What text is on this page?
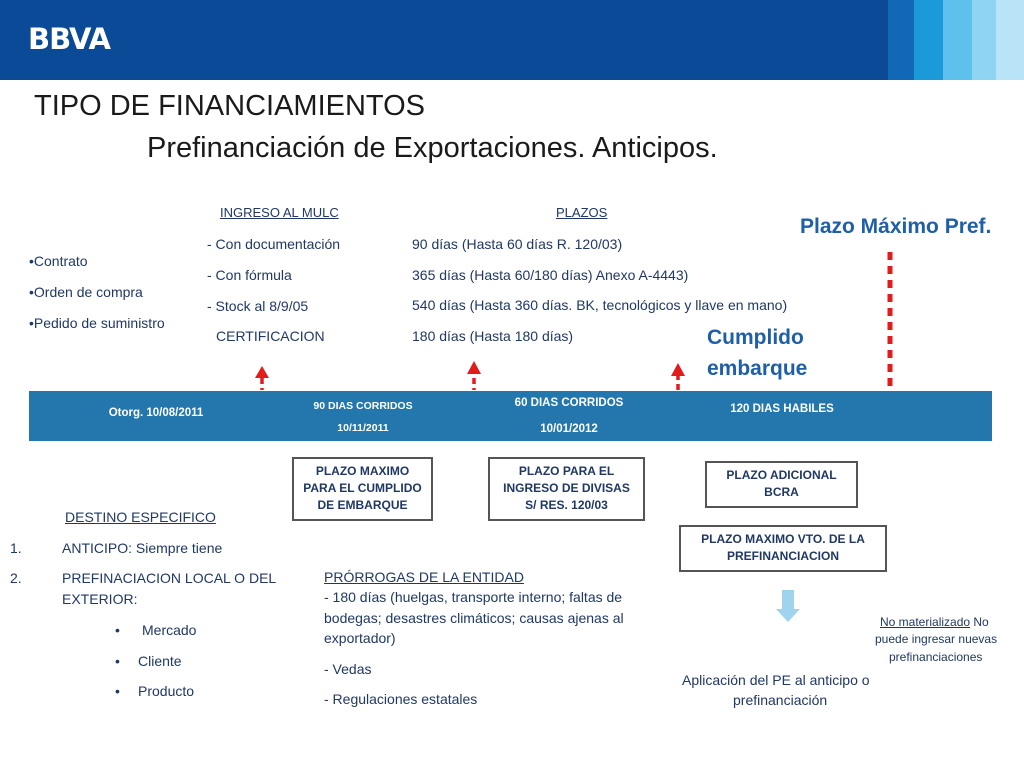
BBVA
TIPO DE FINANCIAMIENTOS
Prefinanciación de Exportaciones. Anticipos.
•Contrato
•Orden de compra
•Pedido de suministro
INGRESO AL MULC
- Con documentación
- Con fórmula
- Stock al 8/9/05
CERTIFICACION
PLAZOS
90 días (Hasta 60 días R. 120/03)
365 días (Hasta 60/180 días) Anexo A-4443)
540 días (Hasta 360 días. BK, tecnológicos y llave en mano)
180 días (Hasta 180 días)
Plazo Máximo Pref.
Cumplido
embarque
Otorg. 10/08/2011
90 DIAS CORRIDOS
10/11/2011
60 DIAS CORRIDOS
10/01/2012
120 DIAS HABILES
PLAZO MAXIMO
PARA EL CUMPLIDO
DE EMBARQUE
PLAZO PARA EL
INGRESO DE DIVISAS
S/ RES. 120/03
PLAZO ADICIONAL
BCRA
PLAZO MAXIMO VTO. DE LA
PREFINANCIACION
DESTINO ESPECIFICO
1.	ANTICIPO: Siempre tiene
2.	PREFINACIACION LOCAL O DEL
EXTERIOR:
• Mercado
• Cliente
• Producto
PRÓRROGAS DE LA ENTIDAD
- 180 días (huelgas, transporte interno; faltas de
bodegas; desastres climáticos; causas ajenas al
exportador)
- Vedas
- Regulaciones estatales
Aplicación del PE al anticipo o
prefinanciación
No materializado No
puede ingresar nuevas
prefinanciaciones
